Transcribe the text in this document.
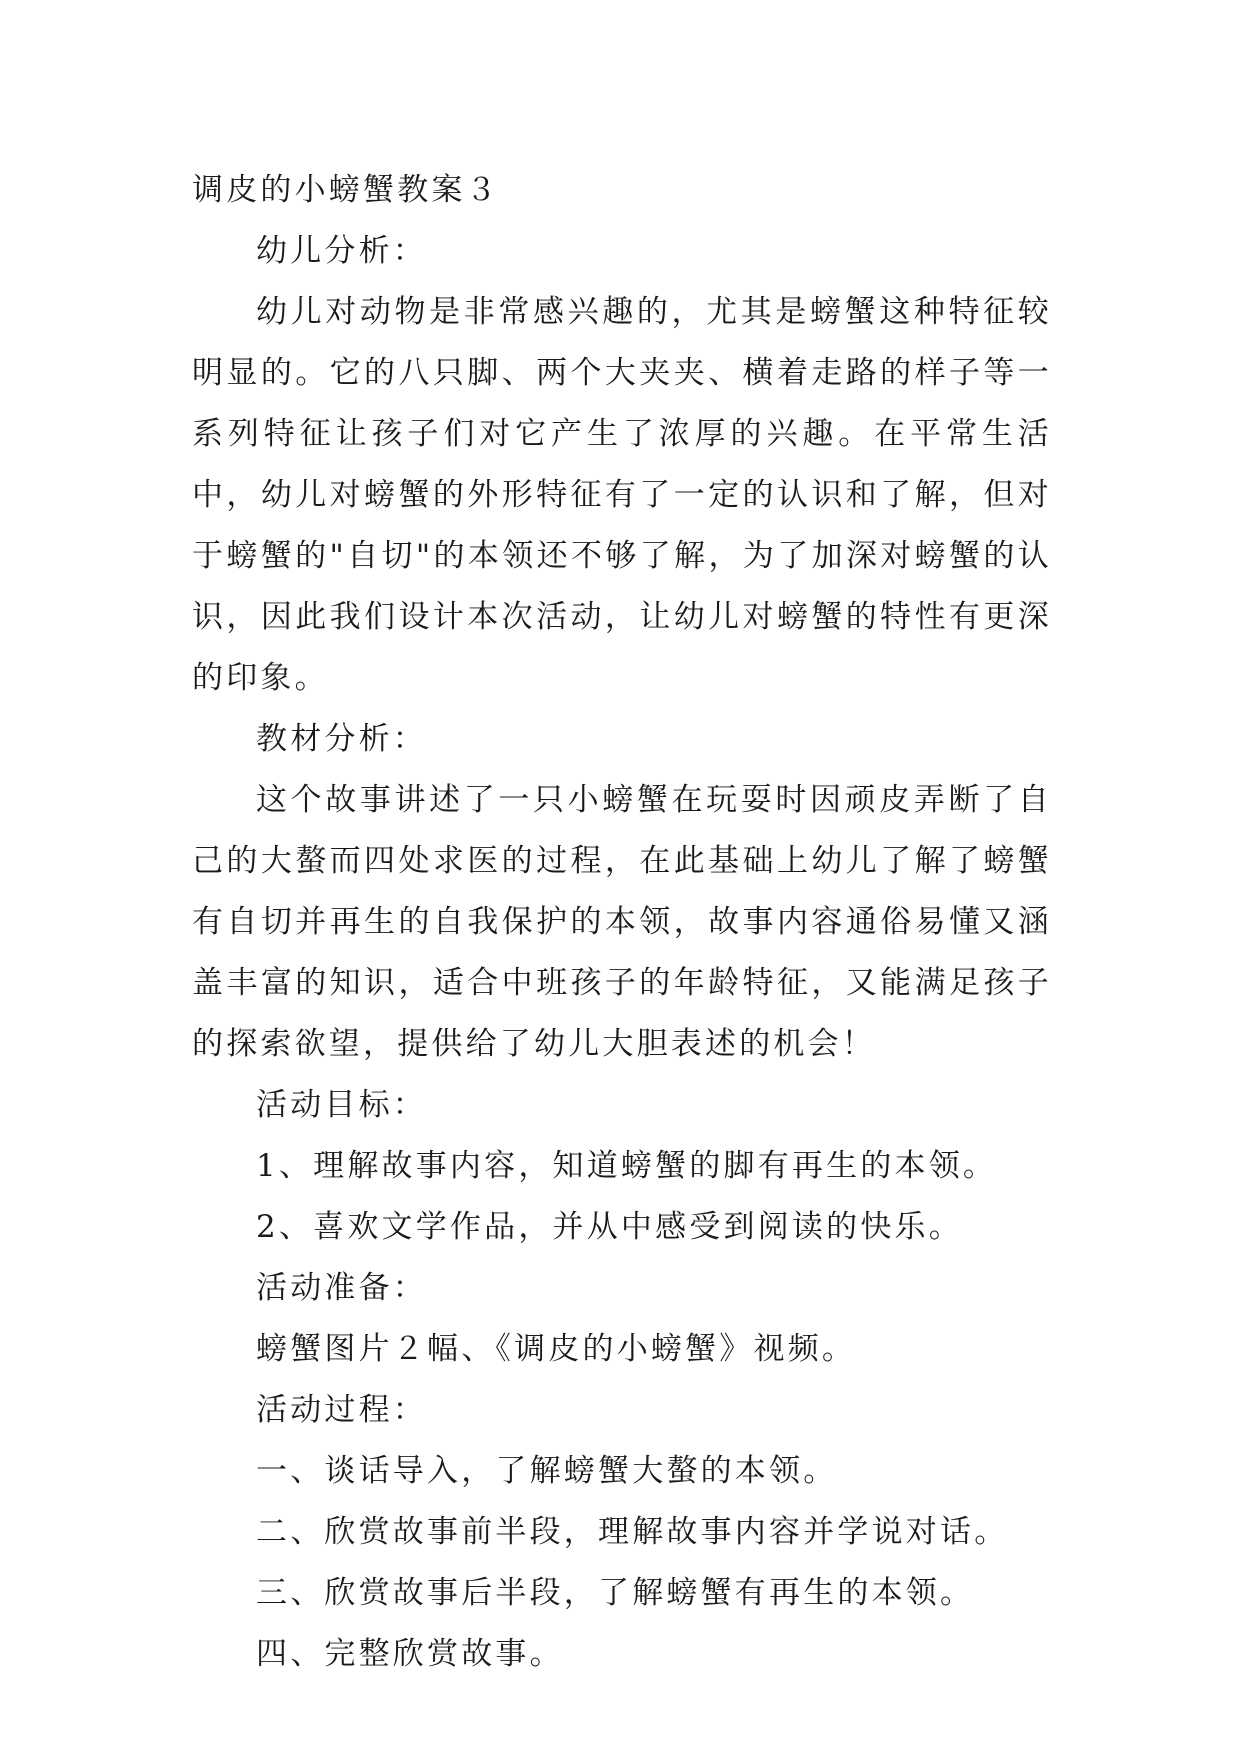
调皮的小螃蟹教案３
幼儿分析：
幼儿对动物是非常感兴趣的，尤其是螃蟹这种特征较明显的。它的八只脚、两个大夹夹、横着走路的样子等一系列特征让孩子们对它产生了浓厚的兴趣。在平常生活中，幼儿对螃蟹的外形特征有了一定的认识和了解，但对于螃蟹的"自切"的本领还不够了解，为了加深对螃蟹的认识，因此我们设计本次活动，让幼儿对螃蟹的特性有更深的印象。
教材分析：
这个故事讲述了一只小螃蟹在玩耍时因顽皮弄断了自己的大螯而四处求医的过程，在此基础上幼儿了解了螃蟹有自切并再生的自我保护的本领，故事内容通俗易懂又涵盖丰富的知识，适合中班孩子的年龄特征，又能满足孩子的探索欲望，提供给了幼儿大胆表述的机会！
活动目标：
1、理解故事内容，知道螃蟹的脚有再生的本领。
2、喜欢文学作品，并从中感受到阅读的快乐。
活动准备：
螃蟹图片２幅、《调皮的小螃蟹》视频。
活动过程：
一、谈话导入，了解螃蟹大螯的本领。
二、欣赏故事前半段，理解故事内容并学说对话。
三、欣赏故事后半段，了解螃蟹有再生的本领。
四、完整欣赏故事。
